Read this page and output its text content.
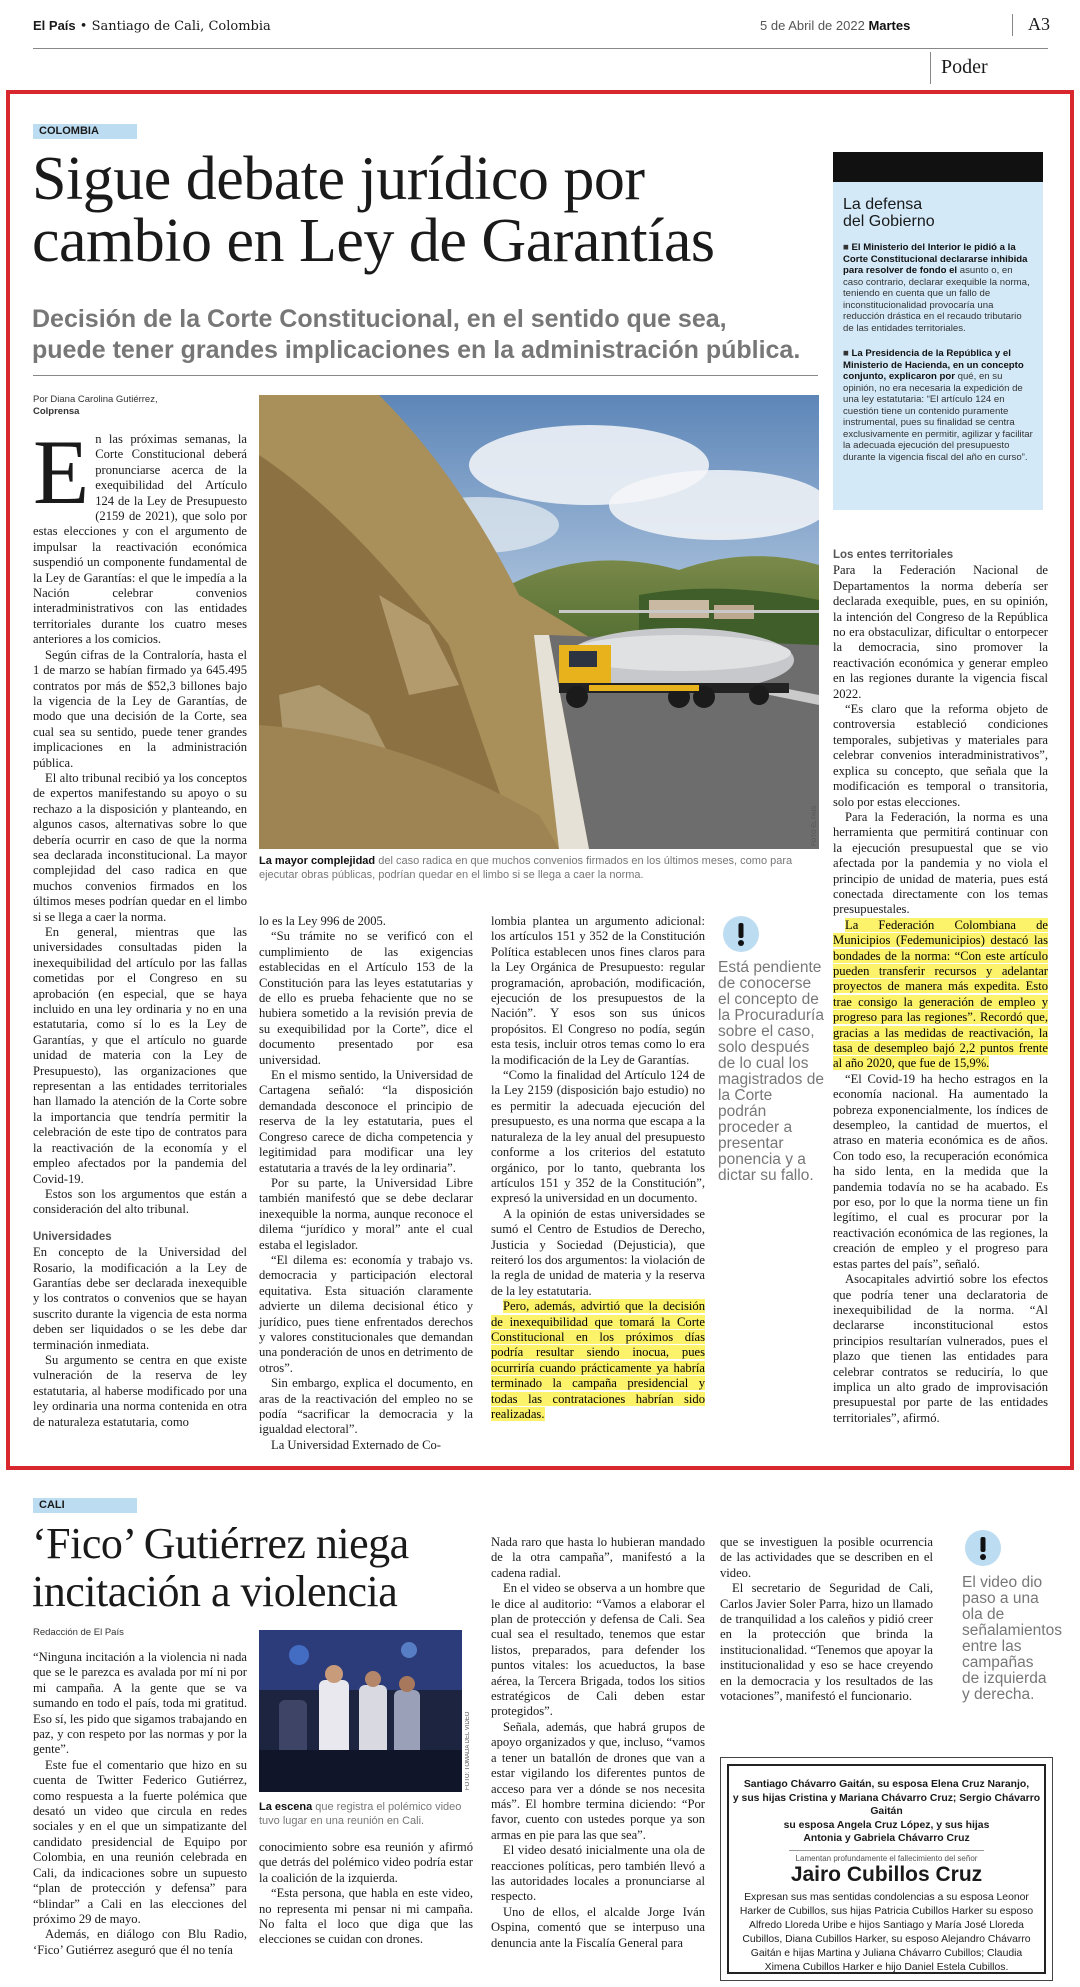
El País • Santiago de Cali, Colombia	5 de Abril de 2022 Martes	A3
Poder
COLOMBIA
Sigue debate jurídico por
cambio en Ley de Garantías
Decisión de la Corte Constitucional, en el sentido que sea,
puede tener grandes implicaciones en la administración pública.
Por Diana Carolina Gutiérrez,
Colprensa

En las próximas semanas, la Corte Constitucional deberá pronunciarse acerca de la exequibilidad del Artículo 124 de la Ley de Presupuesto (2159 de 2021), que solo por estas elecciones y con el argumento de impulsar la reactivación económica suspendió un componente fundamental de la Ley de Garantías: el que le impedía a la Nación celebrar convenios interadministrativos con las entidades territoriales durante los cuatro meses anteriores a los comicios.

Según cifras de la Contraloría, hasta el 1 de marzo se habían firmado ya 645.495 contratos por más de $52,3 billones bajo la vigencia de la Ley de Garantías, de modo que una decisión de la Corte, sea cual sea su sentido, puede tener grandes implicaciones en la administración pública.

El alto tribunal recibió ya los conceptos de expertos manifestando su apoyo o su rechazo a la disposición y planteando, en algunos casos, alternativas sobre lo que debería ocurrir en caso de que la norma sea declarada inconstitucional. La mayor complejidad del caso radica en que muchos convenios firmados en los últimos meses podrían quedar en el limbo si se llega a caer la norma.

En general, mientras que las universidades consultadas piden la inexequibilidad del artículo por las fallas cometidas por el Congreso en su aprobación (en especial, que se haya incluido en una ley ordinaria y no en una estatutaria, como sí lo es la Ley de Garantías, y que el artículo no guarde unidad de materia con la Ley de Presupuesto), las organizaciones que representan a las entidades territoriales han llamado la atención de la Corte sobre la importancia que tendría permitir la celebración de este tipo de contratos para la reactivación de la economía y el empleo afectados por la pandemia del Covid-19.

Estos son los argumentos que están a consideración del alto tribunal.

Universidades

En concepto de la Universidad del Rosario, la modificación a la Ley de Garantías debe ser declarada inexequible y los contratos o convenios que se hayan suscrito durante la vigencia de esta norma deben ser liquidados o se les debe dar terminación inmediata.

Su argumento se centra en que existe vulneración de la reserva de ley estatutaria, al haberse modificado por una ley ordinaria una norma contenida en otra de naturaleza estatutaria, como

FOTO EL PAÍS
La mayor complejidad del caso radica en que muchos convenios firmados en los últimos meses, como para ejecutar obras públicas, podrían quedar en el limbo si se llega a caer la norma.

lo es la Ley 996 de 2005.

“Su trámite no se verificó con el cumplimiento de las exigencias establecidas en el Artículo 153 de la Constitución para las leyes estatutarias y de ello es prueba fehaciente que no se hubiera sometido a la revisión previa de su exequibilidad por la Corte”, dice el documento presentado por esa universidad.

En el mismo sentido, la Universidad de Cartagena señaló: “la disposición demandada desconoce el principio de reserva de la ley estatutaria, pues el Congreso carece de dicha competencia y legitimidad para modificar una ley estatutaria a través de la ley ordinaria”.

Por su parte, la Universidad Libre también manifestó que se debe declarar inexequible la norma, aunque reconoce el dilema “jurídico y moral” ante el cual estaba el legislador.

“El dilema es: economía y trabajo vs. democracia y participación electoral equitativa. Esta situación claramente advierte un dilema decisional ético y jurídico, pues tiene enfrentados derechos y valores constitucionales que demandan una ponderación de unos en detrimento de otros”.

Sin embargo, explica el documento, en aras de la reactivación del empleo no se podía “sacrificar la democracia y la igualdad electoral”.

La Universidad Externado de Co-

lombia plantea un argumento adicional: los artículos 151 y 352 de la Constitución Política establecen unos fines claros para la Ley Orgánica de Presupuesto: regular programación, aprobación, modificación, ejecución de los presupuestos de la Nación”. Y esos son sus únicos propósitos. El Congreso no podía, según esta tesis, incluir otros temas como lo era la modificación de la Ley de Garantías.

“Como la finalidad del Artículo 124 de la Ley 2159 (disposición bajo estudio) no es permitir la adecuada ejecución del presupuesto, es una norma que escapa a la naturaleza de la ley anual del presupuesto conforme a los criterios del estatuto orgánico, por lo tanto, quebranta los artículos 151 y 352 de la Constitución”, expresó la universidad en un documento.

A la opinión de estas universidades se sumó el Centro de Estudios de Derecho, Justicia y Sociedad (Dejusticia), que reiteró los dos argumentos: la violación de la regla de unidad de materia y la reserva de la ley estatutaria.

Pero, además, advirtió que la decisión de inexequibilidad que tomará la Corte Constitucional en los próximos días podría resultar siendo inocua, pues ocurriría cuando prácticamente ya habría terminado la campaña presidencial y todas las contrataciones habrían sido realizadas.

Está pendiente de conocerse el concepto de la Procuraduría sobre el caso, solo después de lo cual los magistrados de la Corte podrán proceder a presentar ponencia y a dictar su fallo.
La defensa
del Gobierno
■ El Ministerio del Interior le pidió a la Corte Constitucional declararse inhibida para resolver de fondo el asunto o, en caso contrario, declarar exequible la norma, teniendo en cuenta que un fallo de inconstitucionalidad provocaría una reducción drástica en el recaudo tributario de las entidades territoriales.
■ La Presidencia de la República y el Ministerio de Hacienda, en un concepto conjunto, explicaron por qué, en su opinión, no era necesaria la expedición de una ley estatutaria: “El artículo 124 en cuestión tiene un contenido puramente instrumental, pues su finalidad se centra exclusivamente en permitir, agilizar y facilitar la adecuada ejecución del presupuesto durante la vigencia fiscal del año en curso”.
Los entes territoriales

Para la Federación Nacional de Departamentos la norma debería ser declarada exequible, pues, en su opinión, la intención del Congreso de la República no era obstaculizar, dificultar o entorpecer la democracia, sino promover la reactivación económica y generar empleo en las regiones durante la vigencia fiscal 2022.

“Es claro que la reforma objeto de controversia estableció condiciones temporales, subjetivas y materiales para celebrar convenios interadministrativos”, explica su concepto, que señala que la modificación es temporal o transitoria, solo por estas elecciones.

Para la Federación, la norma es una herramienta que permitirá continuar con la ejecución presupuestal que se vio afectada por la pandemia y no viola el principio de unidad de materia, pues está conectada directamente con los temas presupuestales.

La Federación Colombiana de Municipios (Fedemunicipios) destacó las bondades de la norma: “Con este artículo pueden transferir recursos y adelantar proyectos de manera más expedita. Esto trae consigo la generación de empleo y progreso para las regiones”. Recordó que, gracias a las medidas de reactivación, la tasa de desempleo bajó 2,2 puntos frente al año 2020, que fue de 15,9%.

“El Covid-19 ha hecho estragos en la economía nacional. Ha aumentado la pobreza exponencialmente, los índices de desempleo, la cantidad de muertos, el atraso en materia económica es de años. Con todo eso, la recuperación económica ha sido lenta, en la medida que la pandemia todavía no se ha acabado. Es por eso, por lo que la norma tiene un fin legítimo, el cual es procurar por la reactivación económica de las regiones, la creación de empleo y el progreso para estas partes del país”, señaló.

Asocapitales advirtió sobre los efectos que podría tener una declaratoria de inexequibilidad de la norma. “Al declararse inconstitucional estos principios resultarían vulnerados, pues el plazo que tienen las entidades para celebrar contratos se reduciría, lo que implica un alto grado de improvisación presupuestal por parte de las entidades territoriales”, afirmó.

CALI
‘Fico’ Gutiérrez niega
incitación a violencia
Redacción de El País

“Ninguna incitación a la violencia ni nada que se le parezca es avalada por mí ni por mi campaña. A la gente que se va sumando en todo el país, toda mi gratitud. Eso sí, les pido que sigamos trabajando en paz, y con respeto por las normas y por la gente”.

Este fue el comentario que hizo en su cuenta de Twitter Federico Gutiérrez, como respuesta a la fuerte polémica que desató un video que circula en redes sociales y en el que un simpatizante del candidato presidencial de Equipo por Colombia, en una reunión celebrada en Cali, da indicaciones sobre un supuesto “plan de protección y defensa” para “blindar” a Cali en las elecciones del próximo 29 de mayo.

Además, en diálogo con Blu Radio, ‘Fico’ Gutiérrez aseguró que él no tenía

FOTO: TOMADA DEL VIDEO
La escena que registra el polémico video tuvo lugar en una reunión en Cali.

conocimiento sobre esa reunión y afirmó que detrás del polémico video podría estar la coalición de la izquierda.

“Esta persona, que habla en este video, no representa mi pensar ni mi campaña. No falta el loco que diga que las elecciones se cuidan con drones.

Nada raro que hasta lo hubieran mandado de la otra campaña”, manifestó a la cadena radial.

En el video se observa a un hombre que le dice al auditorio: “Vamos a elaborar el plan de protección y defensa de Cali. Sea cual sea el resultado, tenemos que estar listos, preparados, para defender los puntos vitales: los acueductos, la base aérea, la Tercera Brigada, todos los sitios estratégicos de Cali deben estar protegidos”.

Señala, además, que habrá grupos de apoyo organizados y que, incluso, “vamos a tener un batallón de drones que van a estar vigilando los diferentes puntos de acceso para ver a dónde se nos necesita más”. El hombre termina diciendo: “Por favor, cuento con ustedes porque ya son armas en pie para las que sea”.

El video desató inicialmente una ola de reacciones políticas, pero también llevó a las autoridades locales a pronunciarse al respecto.

Uno de ellos, el alcalde Jorge Iván Ospina, comentó que se interpuso una denuncia ante la Fiscalía General para

que se investiguen la posible ocurrencia de las actividades que se describen en el video.

El secretario de Seguridad de Cali, Carlos Javier Soler Parra, hizo un llamado de tranquilidad a los caleños y pidió creer en la protección que brinda la institucionalidad. “Tenemos que apoyar la institucionalidad y eso se hace creyendo en la democracia y los resultados de las votaciones”, manifestó el funcionario.

El video dio paso a una ola de señalamientos entre las campañas de izquierda y derecha.
Santiago Chávarro Gaitán, su esposa Elena Cruz Naranjo,
y sus hijas Cristina y Mariana Chávarro Cruz; Sergio Chávarro Gaitán
su esposa Angela Cruz López, y sus hijas
Antonia y Gabriela Chávarro Cruz
Lamentan profundamente el fallecimiento del señor
Jairo Cubillos Cruz
Expresan sus mas sentidas condolencias a su esposa Leonor Harker de Cubillos, sus hijas Patricia Cubillos Harker su esposo Alfredo Lloreda Uribe e hijos Santiago y María José Lloreda Cubillos, Diana Cubillos Harker, su esposo Alejandro Chávarro Gaitán e hijas Martina y Juliana Chávarro Cubillos; Claudia Ximena Cubillos Harker e hijo Daniel Estela Cubillos.
